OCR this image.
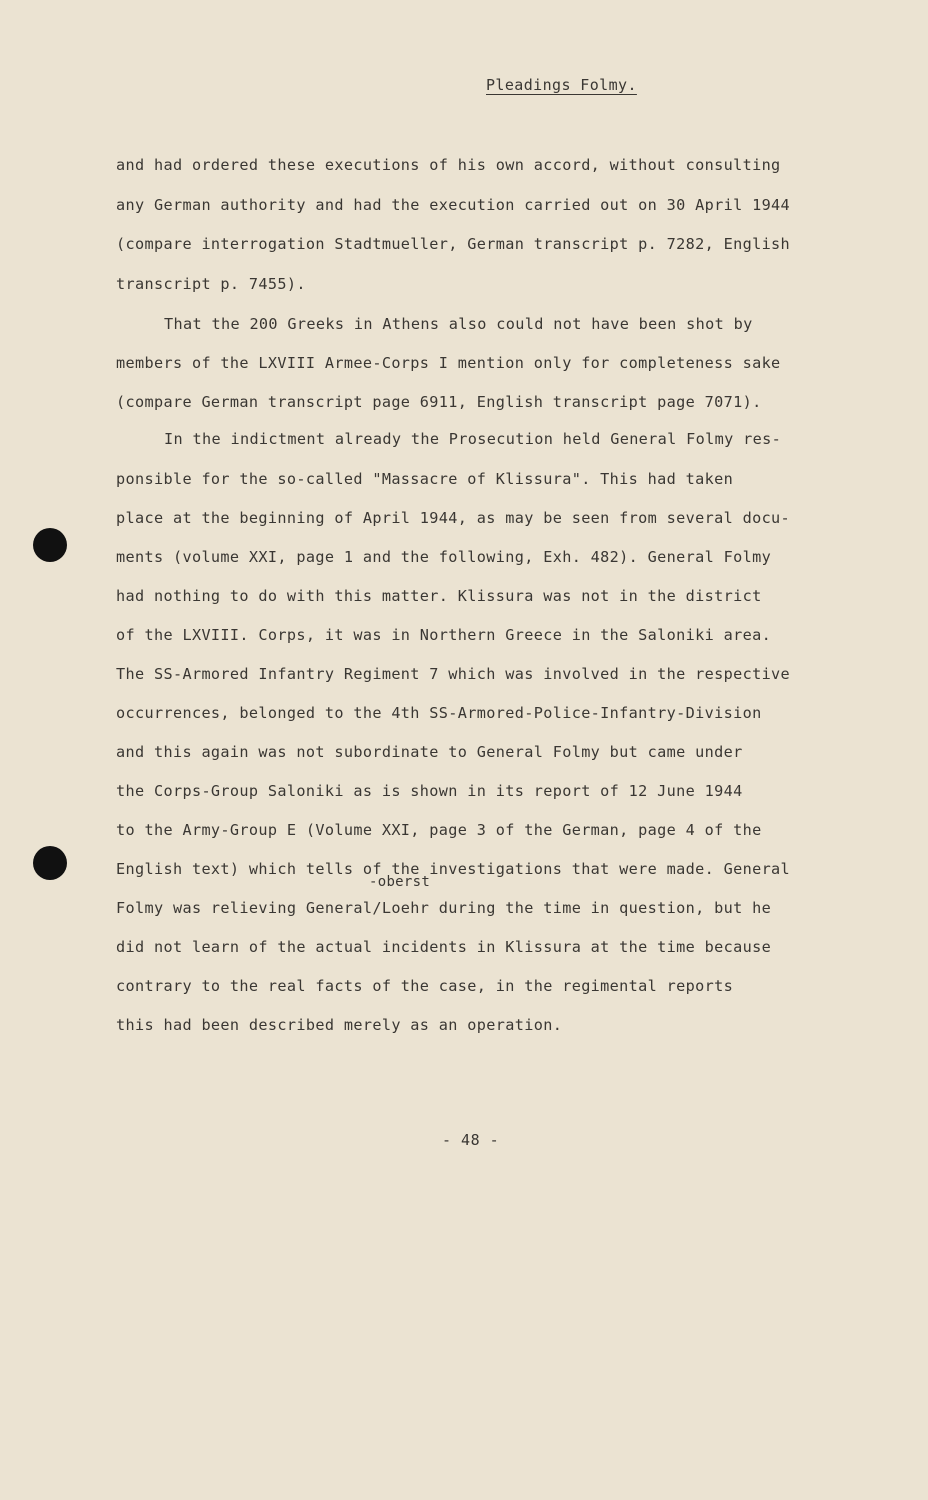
Pleadings Folmy.
and had ordered these executions of his own accord, without consulting
any German authority and had the execution carried out on 30 April 1944
(compare interrogation Stadtmueller, German transcript p. 7282, English
transcript p. 7455).
That the 200 Greeks in Athens also could not have been shot by
members of the LXVIII Armee-Corps I mention only for completeness sake
(compare German transcript page 6911, English transcript page 7071).
In the indictment already the Prosecution held General Folmy res-
ponsible for the so-called "Massacre of Klissura". This had taken
place at the beginning of April 1944, as may be seen from several docu-
ments (volume XXI, page 1 and the following, Exh. 482). General Folmy
had nothing to do with this matter. Klissura was not in the district
of the LXVIII. Corps, it was in Northern Greece in the Saloniki area.
The SS-Armored Infantry Regiment 7 which was involved in the respective
occurrences, belonged to the 4th SS-Armored-Police-Infantry-Division
and this again was not subordinate to General Folmy but came under
the Corps-Group Saloniki as is shown in its report of 12 June 1944
to the Army-Group E (Volume XXI, page 3 of the German, page 4 of the
English text) which tells of the investigations that were made. General
-oberst
Folmy was relieving General/Loehr during the time in question, but he
did not learn of the actual incidents in Klissura at the time because
contrary to the real facts of the case, in the regimental reports
this had been described merely as an operation.
- 48 -
